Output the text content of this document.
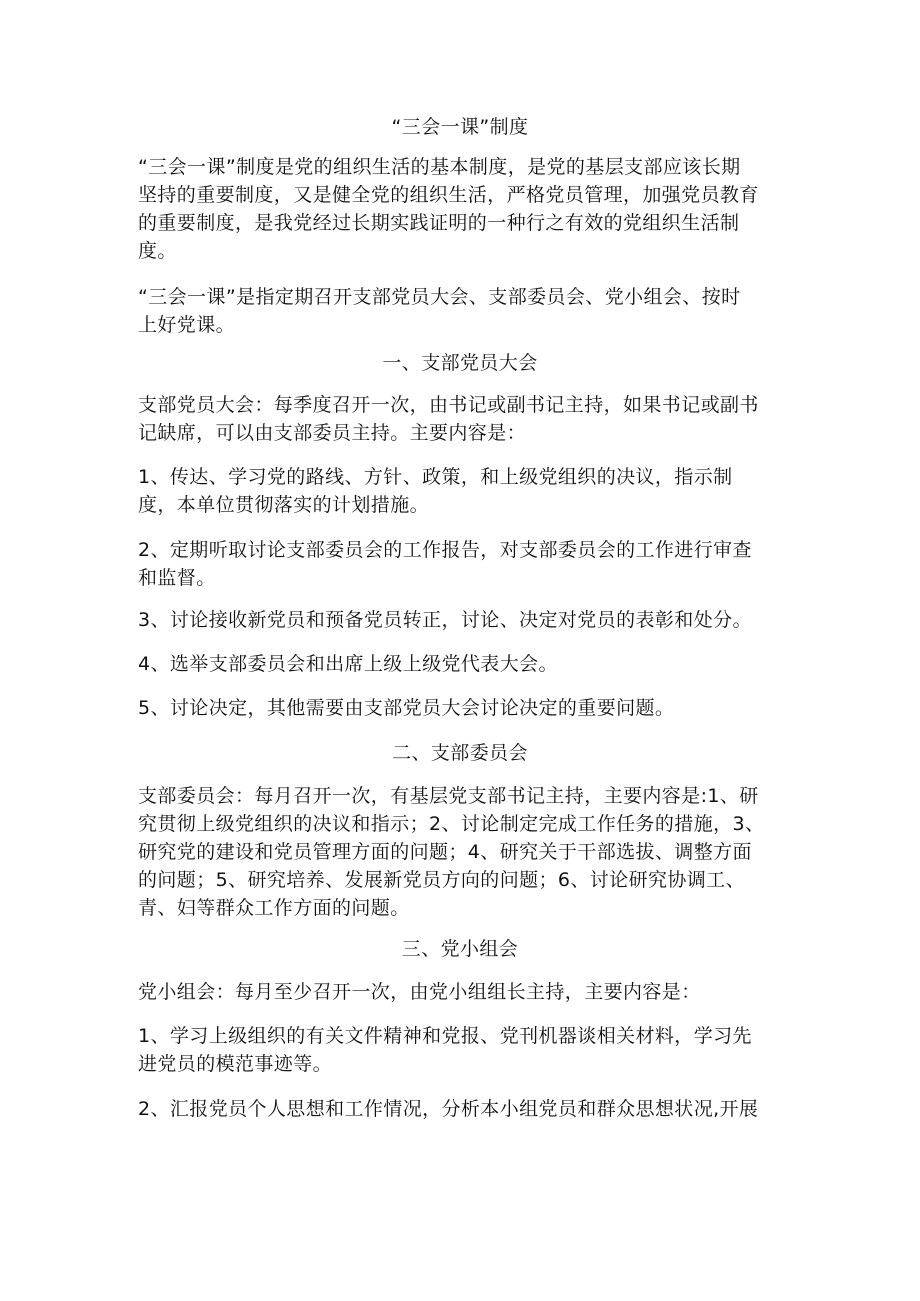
“三会一课”制度
“三会一课”制度是党的组织生活的基本制度，是党的基层支部应该长期
坚持的重要制度，又是健全党的组织生活，严格党员管理，加强党员教育
的重要制度，是我党经过长期实践证明的一种行之有效的党组织生活制
度。
“三会一课”是指定期召开支部党员大会、支部委员会、党小组会、按时
上好党课。
一、支部党员大会
支部党员大会：每季度召开一次，由书记或副书记主持，如果书记或副书
记缺席，可以由支部委员主持。主要内容是：
1、传达、学习党的路线、方针、政策，和上级党组织的决议，指示制
度，本单位贯彻落实的计划措施。
2、定期听取讨论支部委员会的工作报告，对支部委员会的工作进行审查
和监督。
3、讨论接收新党员和预备党员转正，讨论、决定对党员的表彰和处分。
4、选举支部委员会和出席上级上级党代表大会。
5、讨论决定，其他需要由支部党员大会讨论决定的重要问题。
二、支部委员会
支部委员会：每月召开一次，有基层党支部书记主持，主要内容是:1、研
究贯彻上级党组织的决议和指示；2、讨论制定完成工作任务的措施，3、
研究党的建设和党员管理方面的问题；4、研究关于干部选拔、调整方面
的问题；5、研究培养、发展新党员方向的问题；6、讨论研究协调工、
青、妇等群众工作方面的问题。
三、党小组会
党小组会：每月至少召开一次，由党小组组长主持，主要内容是：
1、学习上级组织的有关文件精神和党报、党刊机器谈相关材料，学习先
进党员的模范事迹等。
2、汇报党员个人思想和工作情况，分析本小组党员和群众思想状况,开展
